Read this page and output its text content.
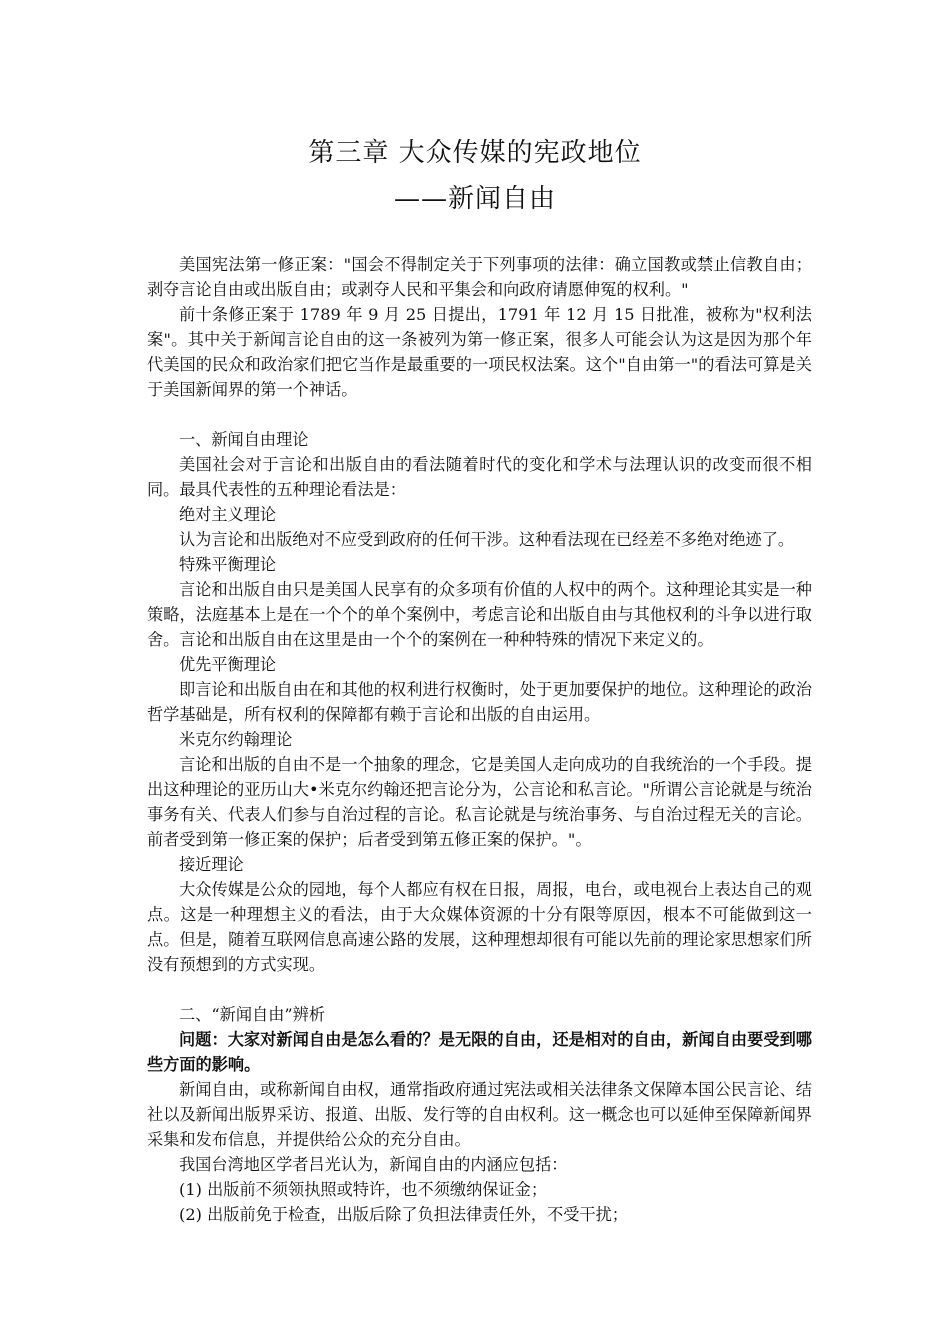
第三章 大众传媒的宪政地位
——新闻自由

美国宪法第一修正案："国会不得制定关于下列事项的法律：确立国教或禁止信教自由；剥夺言论自由或出版自由；或剥夺人民和平集会和向政府请愿伸冤的权利。"

前十条修正案于 1789 年 9 月 25 日提出，1791 年 12 月 15 日批准，被称为"权利法案"。其中关于新闻言论自由的这一条被列为第一修正案，很多人可能会认为这是因为那个年代美国的民众和政治家们把它当作是最重要的一项民权法案。这个"自由第一"的看法可算是关于美国新闻界的第一个神话。

一、新闻自由理论

美国社会对于言论和出版自由的看法随着时代的变化和学术与法理认识的改变而很不相同。最具代表性的五种理论看法是：

绝对主义理论

认为言论和出版绝对不应受到政府的任何干涉。这种看法现在已经差不多绝对绝迹了。

特殊平衡理论

言论和出版自由只是美国人民享有的众多项有价值的人权中的两个。这种理论其实是一种策略，法庭基本上是在一个个的单个案例中，考虑言论和出版自由与其他权利的斗争以进行取舍。言论和出版自由在这里是由一个个的案例在一种种特殊的情况下来定义的。

优先平衡理论

即言论和出版自由在和其他的权利进行权衡时，处于更加要保护的地位。这种理论的政治哲学基础是，所有权利的保障都有赖于言论和出版的自由运用。

米克尔约翰理论

言论和出版的自由不是一个抽象的理念，它是美国人走向成功的自我统治的一个手段。提出这种理论的亚历山大•米克尔约翰还把言论分为，公言论和私言论。"所谓公言论就是与统治事务有关、代表人们参与自治过程的言论。私言论就是与统治事务、与自治过程无关的言论。前者受到第一修正案的保护；后者受到第五修正案的保护。"。

接近理论

大众传媒是公众的园地，每个人都应有权在日报，周报，电台，或电视台上表达自己的观点。这是一种理想主义的看法，由于大众媒体资源的十分有限等原因，根本不可能做到这一点。但是，随着互联网信息高速公路的发展，这种理想却很有可能以先前的理论家思想家们所没有预想到的方式实现。

二、“新闻自由”辨析

问题：大家对新闻自由是怎么看的？是无限的自由，还是相对的自由，新闻自由要受到哪些方面的影响。

新闻自由，或称新闻自由权，通常指政府通过宪法或相关法律条文保障本国公民言论、结社以及新闻出版界采访、报道、出版、发行等的自由权利。这一概念也可以延伸至保障新闻界采集和发布信息，并提供给公众的充分自由。

我国台湾地区学者吕光认为，新闻自由的内涵应包括：

(1) 出版前不须领执照或特许，也不须缴纳保证金；

(2) 出版前免于检查，出版后除了负担法律责任外，不受干扰；
